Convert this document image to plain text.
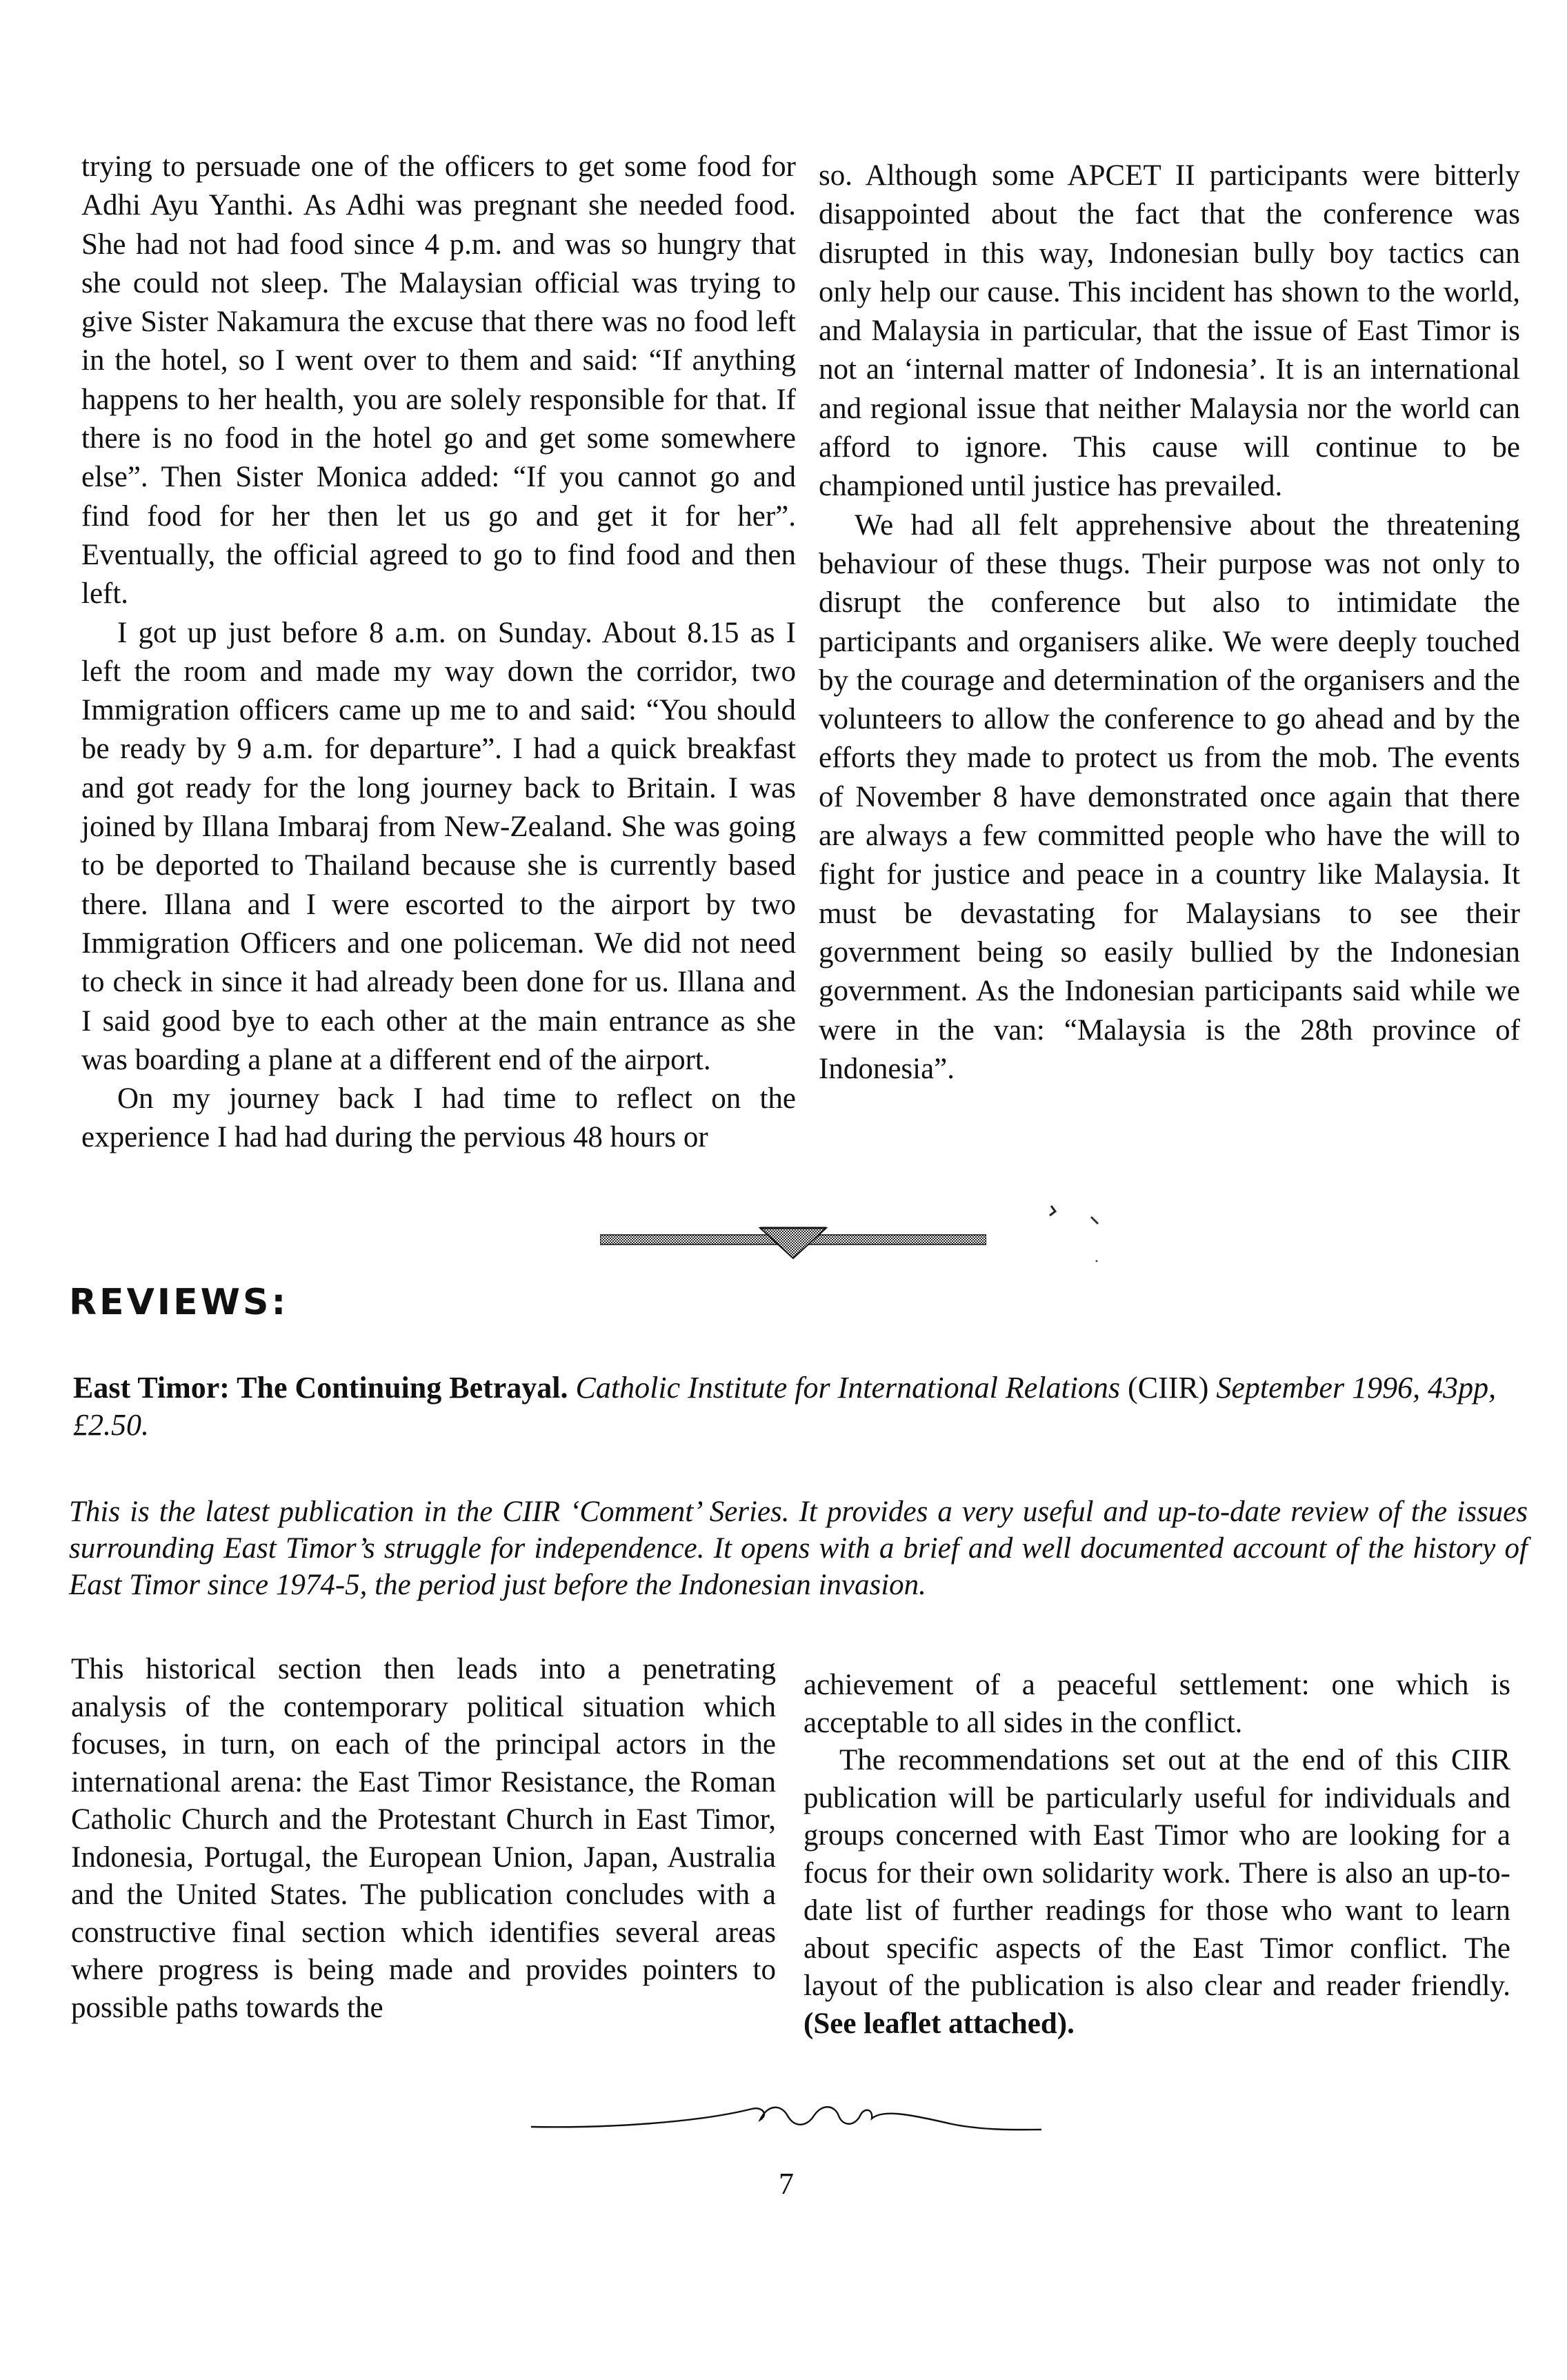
trying to persuade one of the officers to get some food for Adhi Ayu Yanthi. As Adhi was pregnant she needed food. She had not had food since 4 p.m. and was so hungry that she could not sleep. The Malaysian official was trying to give Sister Nakamura the excuse that there was no food left in the hotel, so I went over to them and said: “If anything happens to her health, you are solely responsible for that. If there is no food in the hotel go and get some somewhere else”. Then Sister Monica added: “If you cannot go and find food for her then let us go and get it for her”. Eventually, the official agreed to go to find food and then left.

I got up just before 8 a.m. on Sunday. About 8.15 as I left the room and made my way down the corridor, two Immigration officers came up me to and said: “You should be ready by 9 a.m. for departure”. I had a quick breakfast and got ready for the long journey back to Britain. I was joined by Illana Imbaraj from New-Zealand. She was going to be deported to Thailand because she is currently based there. Illana and I were escorted to the airport by two Immigration Officers and one policeman. We did not need to check in since it had already been done for us. Illana and I said good bye to each other at the main entrance as she was boarding a plane at a different end of the airport.

On my journey back I had time to reflect on the experience I had had during the pervious 48 hours or

so. Although some APCET II participants were bitterly disappointed about the fact that the conference was disrupted in this way, Indonesian bully boy tactics can only help our cause. This incident has shown to the world, and Malaysia in particular, that the issue of East Timor is not an ‘internal matter of Indonesia’. It is an international and regional issue that neither Malaysia nor the world can afford to ignore. This cause will continue to be championed until justice has prevailed.

We had all felt apprehensive about the threatening behaviour of these thugs. Their purpose was not only to disrupt the conference but also to intimidate the participants and organisers alike. We were deeply touched by the courage and determination of the organisers and the volunteers to allow the conference to go ahead and by the efforts they made to protect us from the mob. The events of November 8 have demonstrated once again that there are always a few committed people who have the will to fight for justice and peace in a country like Malaysia. It must be devastating for Malaysians to see their government being so easily bullied by the Indonesian government. As the Indonesian participants said while we were in the van: “Malaysia is the 28th province of Indonesia”.

REVIEWS:

East Timor: The Continuing Betrayal. Catholic Institute for International Relations (CIIR) September 1996, 43pp, £2.50.

This is the latest publication in the CIIR ‘Comment’ Series. It provides a very useful and up-to-date review of the issues surrounding East Timor’s struggle for independence. It opens with a brief and well documented account of the history of East Timor since 1974-5, the period just before the Indonesian invasion.

This historical section then leads into a penetrating analysis of the contemporary political situation which focuses, in turn, on each of the principal actors in the international arena: the East Timor Resistance, the Roman Catholic Church and the Protestant Church in East Timor, Indonesia, Portugal, the European Union, Japan, Australia and the United States. The publication concludes with a constructive final section which identifies several areas where progress is being made and provides pointers to possible paths towards the

achievement of a peaceful settlement: one which is acceptable to all sides in the conflict.

The recommendations set out at the end of this CIIR publication will be particularly useful for individuals and groups concerned with East Timor who are looking for a focus for their own solidarity work. There is also an up-to-date list of further readings for those who want to learn about specific aspects of the East Timor conflict. The layout of the publication is also clear and reader friendly. (See leaflet attached).

7
